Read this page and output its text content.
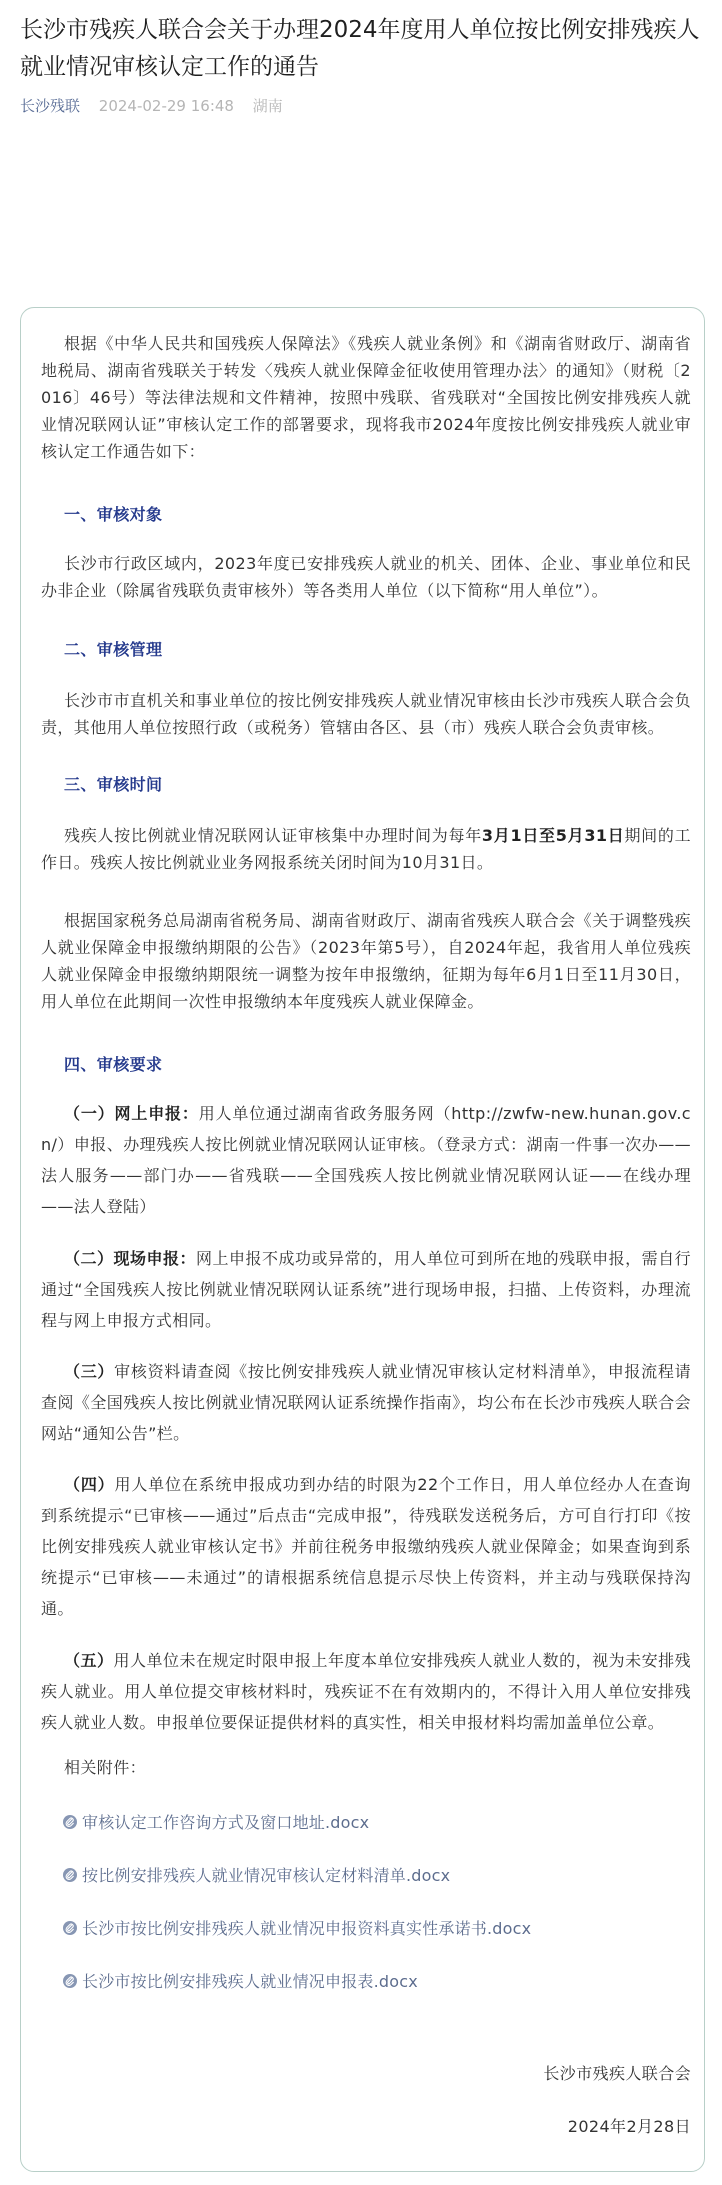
长沙市残疾人联合会关于办理2024年度用人单位按比例安排残疾人就业情况审核认定工作的通告
长沙残联 2024-02-29 16:48 湖南

根据《中华人民共和国残疾人保障法》《残疾人就业条例》和《湖南省财政厅、湖南省地税局、湖南省残联关于转发〈残疾人就业保障金征收使用管理办法〉的通知》（财税〔2016〕46号）等法律法规和文件精神，按照中残联、省残联对“全国按比例安排残疾人就业情况联网认证”审核认定工作的部署要求，现将我市2024年度按比例安排残疾人就业审核认定工作通告如下：

一、审核对象

长沙市行政区域内，2023年度已安排残疾人就业的机关、团体、企业、事业单位和民办非企业（除属省残联负责审核外）等各类用人单位（以下简称“用人单位”）。

二、审核管理

长沙市市直机关和事业单位的按比例安排残疾人就业情况审核由长沙市残疾人联合会负责，其他用人单位按照行政（或税务）管辖由各区、县（市）残疾人联合会负责审核。

三、审核时间

残疾人按比例就业情况联网认证审核集中办理时间为每年3月1日至5月31日期间的工作日。残疾人按比例就业业务网报系统关闭时间为10月31日。

根据国家税务总局湖南省税务局、湖南省财政厅、湖南省残疾人联合会《关于调整残疾人就业保障金申报缴纳期限的公告》（2023年第5号），自2024年起，我省用人单位残疾人就业保障金申报缴纳期限统一调整为按年申报缴纳，征期为每年6月1日至11月30日，用人单位在此期间一次性申报缴纳本年度残疾人就业保障金。

四、审核要求

（一）网上申报：用人单位通过湖南省政务服务网（http://zwfw-new.hunan.gov.cn/）申报、办理残疾人按比例就业情况联网认证审核。（登录方式：湖南一件事一次办——法人服务——部门办——省残联——全国残疾人按比例就业情况联网认证——在线办理——法人登陆）

（二）现场申报：网上申报不成功或异常的，用人单位可到所在地的残联申报，需自行通过“全国残疾人按比例就业情况联网认证系统”进行现场申报，扫描、上传资料，办理流程与网上申报方式相同。

（三）审核资料请查阅《按比例安排残疾人就业情况审核认定材料清单》，申报流程请查阅《全国残疾人按比例就业情况联网认证系统操作指南》，均公布在长沙市残疾人联合会网站“通知公告”栏。

（四）用人单位在系统申报成功到办结的时限为22个工作日，用人单位经办人在查询到系统提示“已审核——通过”后点击“完成申报”，待残联发送税务后，方可自行打印《按比例安排残疾人就业审核认定书》并前往税务申报缴纳残疾人就业保障金；如果查询到系统提示“已审核——未通过”的请根据系统信息提示尽快上传资料，并主动与残联保持沟通。

（五）用人单位未在规定时限申报上年度本单位安排残疾人就业人数的，视为未安排残疾人就业。用人单位提交审核材料时，残疾证不在有效期内的，不得计入用人单位安排残疾人就业人数。申报单位要保证提供材料的真实性，相关申报材料均需加盖单位公章。

相关附件：

审核认定工作咨询方式及窗口地址.docx
按比例安排残疾人就业情况审核认定材料清单.docx
长沙市按比例安排残疾人就业情况申报资料真实性承诺书.docx
长沙市按比例安排残疾人就业情况申报表.docx
长沙市残疾人联合会
2024年2月28日
